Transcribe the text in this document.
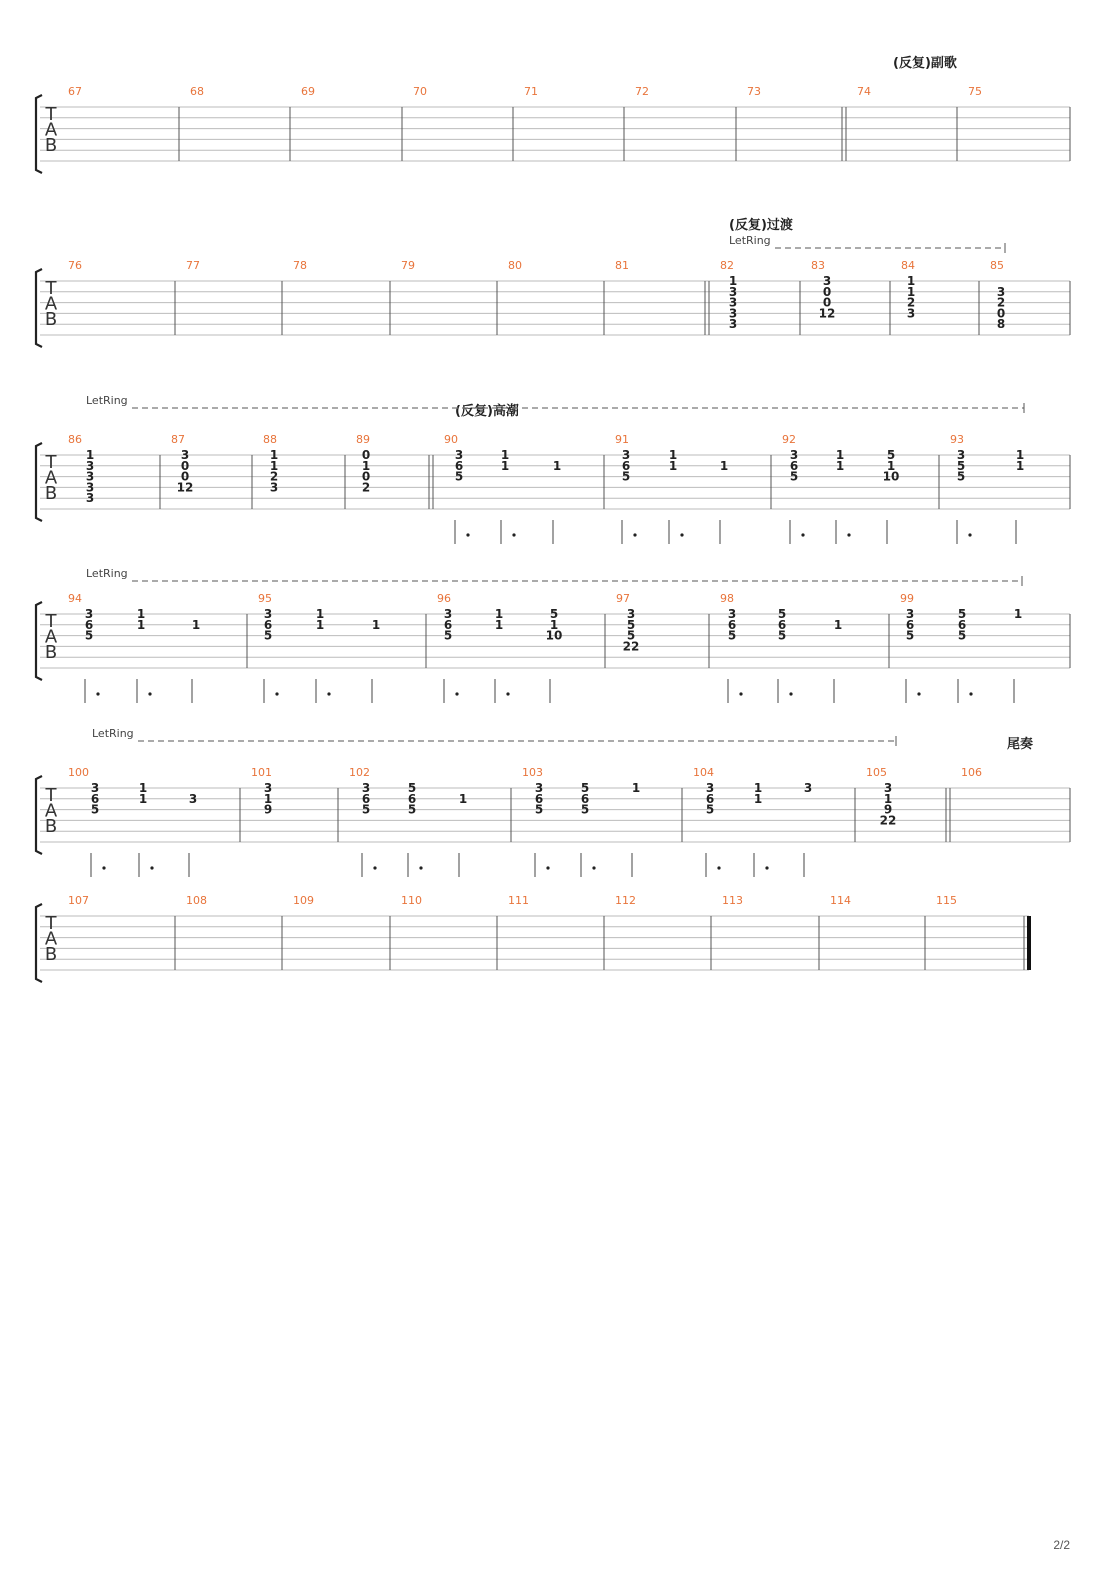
T
A
B
67	68	69	70	71	72	73	74	75
(反复)副歌
T
A
B
76	77	78	79	80	81	82
1
3
3
3
3
83
3
0
0
12
84
1
1
2
3
85
3
2
0
8
(反复)过渡
LetRing
T
A
B
86
1
3
3
3
3
87
3
0
0
12
88
1
1
2
3
89
0
1
0
2
90
3
6
5
1
1	1
91
3
6
5
1
1	1
92
3
6
5
1
1
5
1
10
93
3
5
5
1
1
(反复)高潮
LetRing
T
A
B
94
3
6
5
1
1	1
95
3
6
5
1
1	1
96
3
6
5
1
1
5
1
10
97
3
5
5
22
98
3
6
5
5
6
5
1
99
3
6
5
5
6
5
1
LetRing
T
A
B
100
3
6
5
1
1	3
101
3
1
9
102
3
6
5
5
6
5
1
103
3
6
5
5
6
5
1
104
3
6
5
1
1
3
105
3
1
9
22
106
尾奏
LetRing
T
A
B
107	108	109	110	111	112	113	114	115
2/2
